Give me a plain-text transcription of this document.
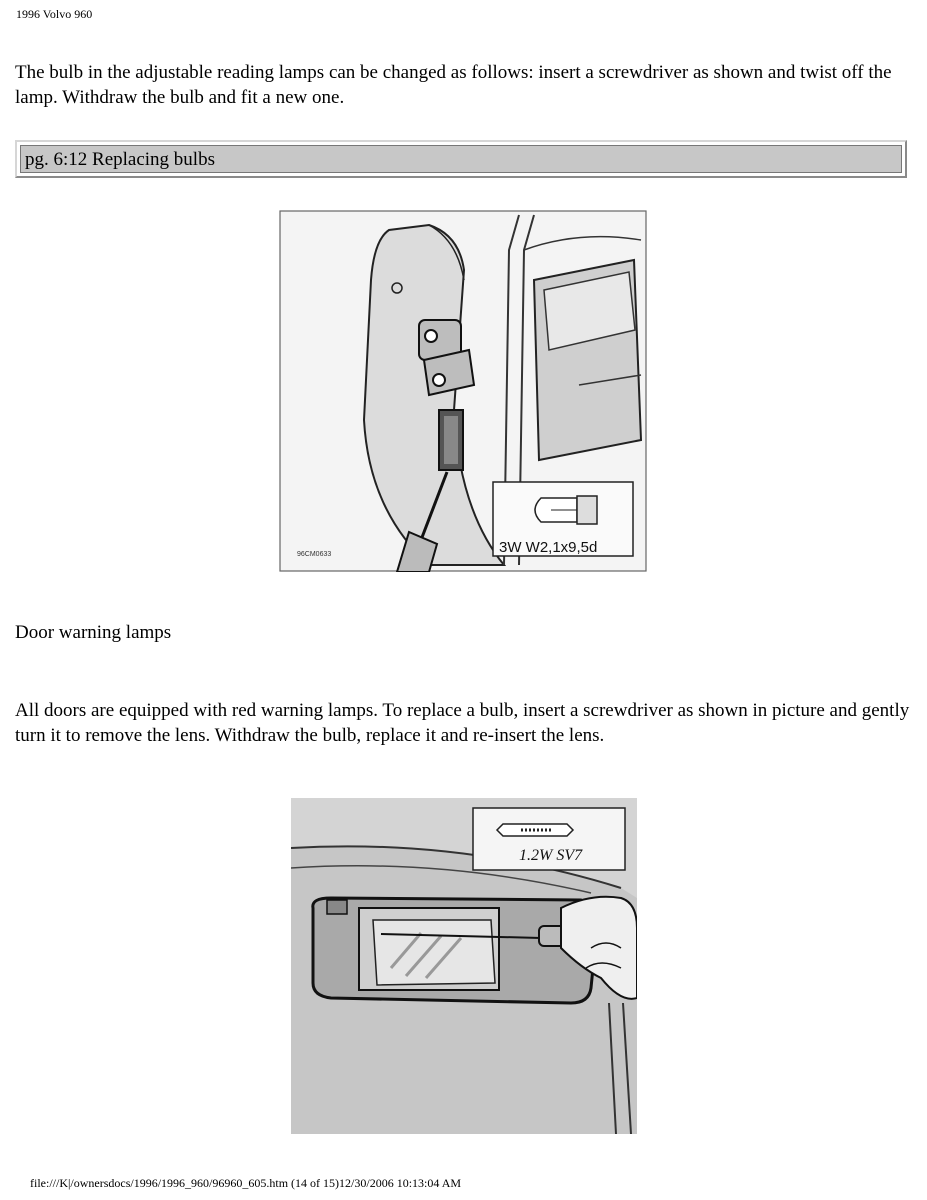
1996 Volvo 960

The bulb in the adjustable reading lamps can be changed as follows: insert a screwdriver as shown and twist off the lamp. Withdraw the bulb and fit a new one.

pg. 6:12 Replacing bulbs
3W W2,1x9,5d
96CM0633
Door warning lamps

All doors are equipped with red warning lamps. To replace a bulb, insert a screwdriver as shown in picture and gently turn it to remove the lens. Withdraw the bulb, replace it and re-insert the lens.

1.2W SV7
file:///K|/ownersdocs/1996/1996_960/96960_605.htm (14 of 15)12/30/2006 10:13:04 AM
